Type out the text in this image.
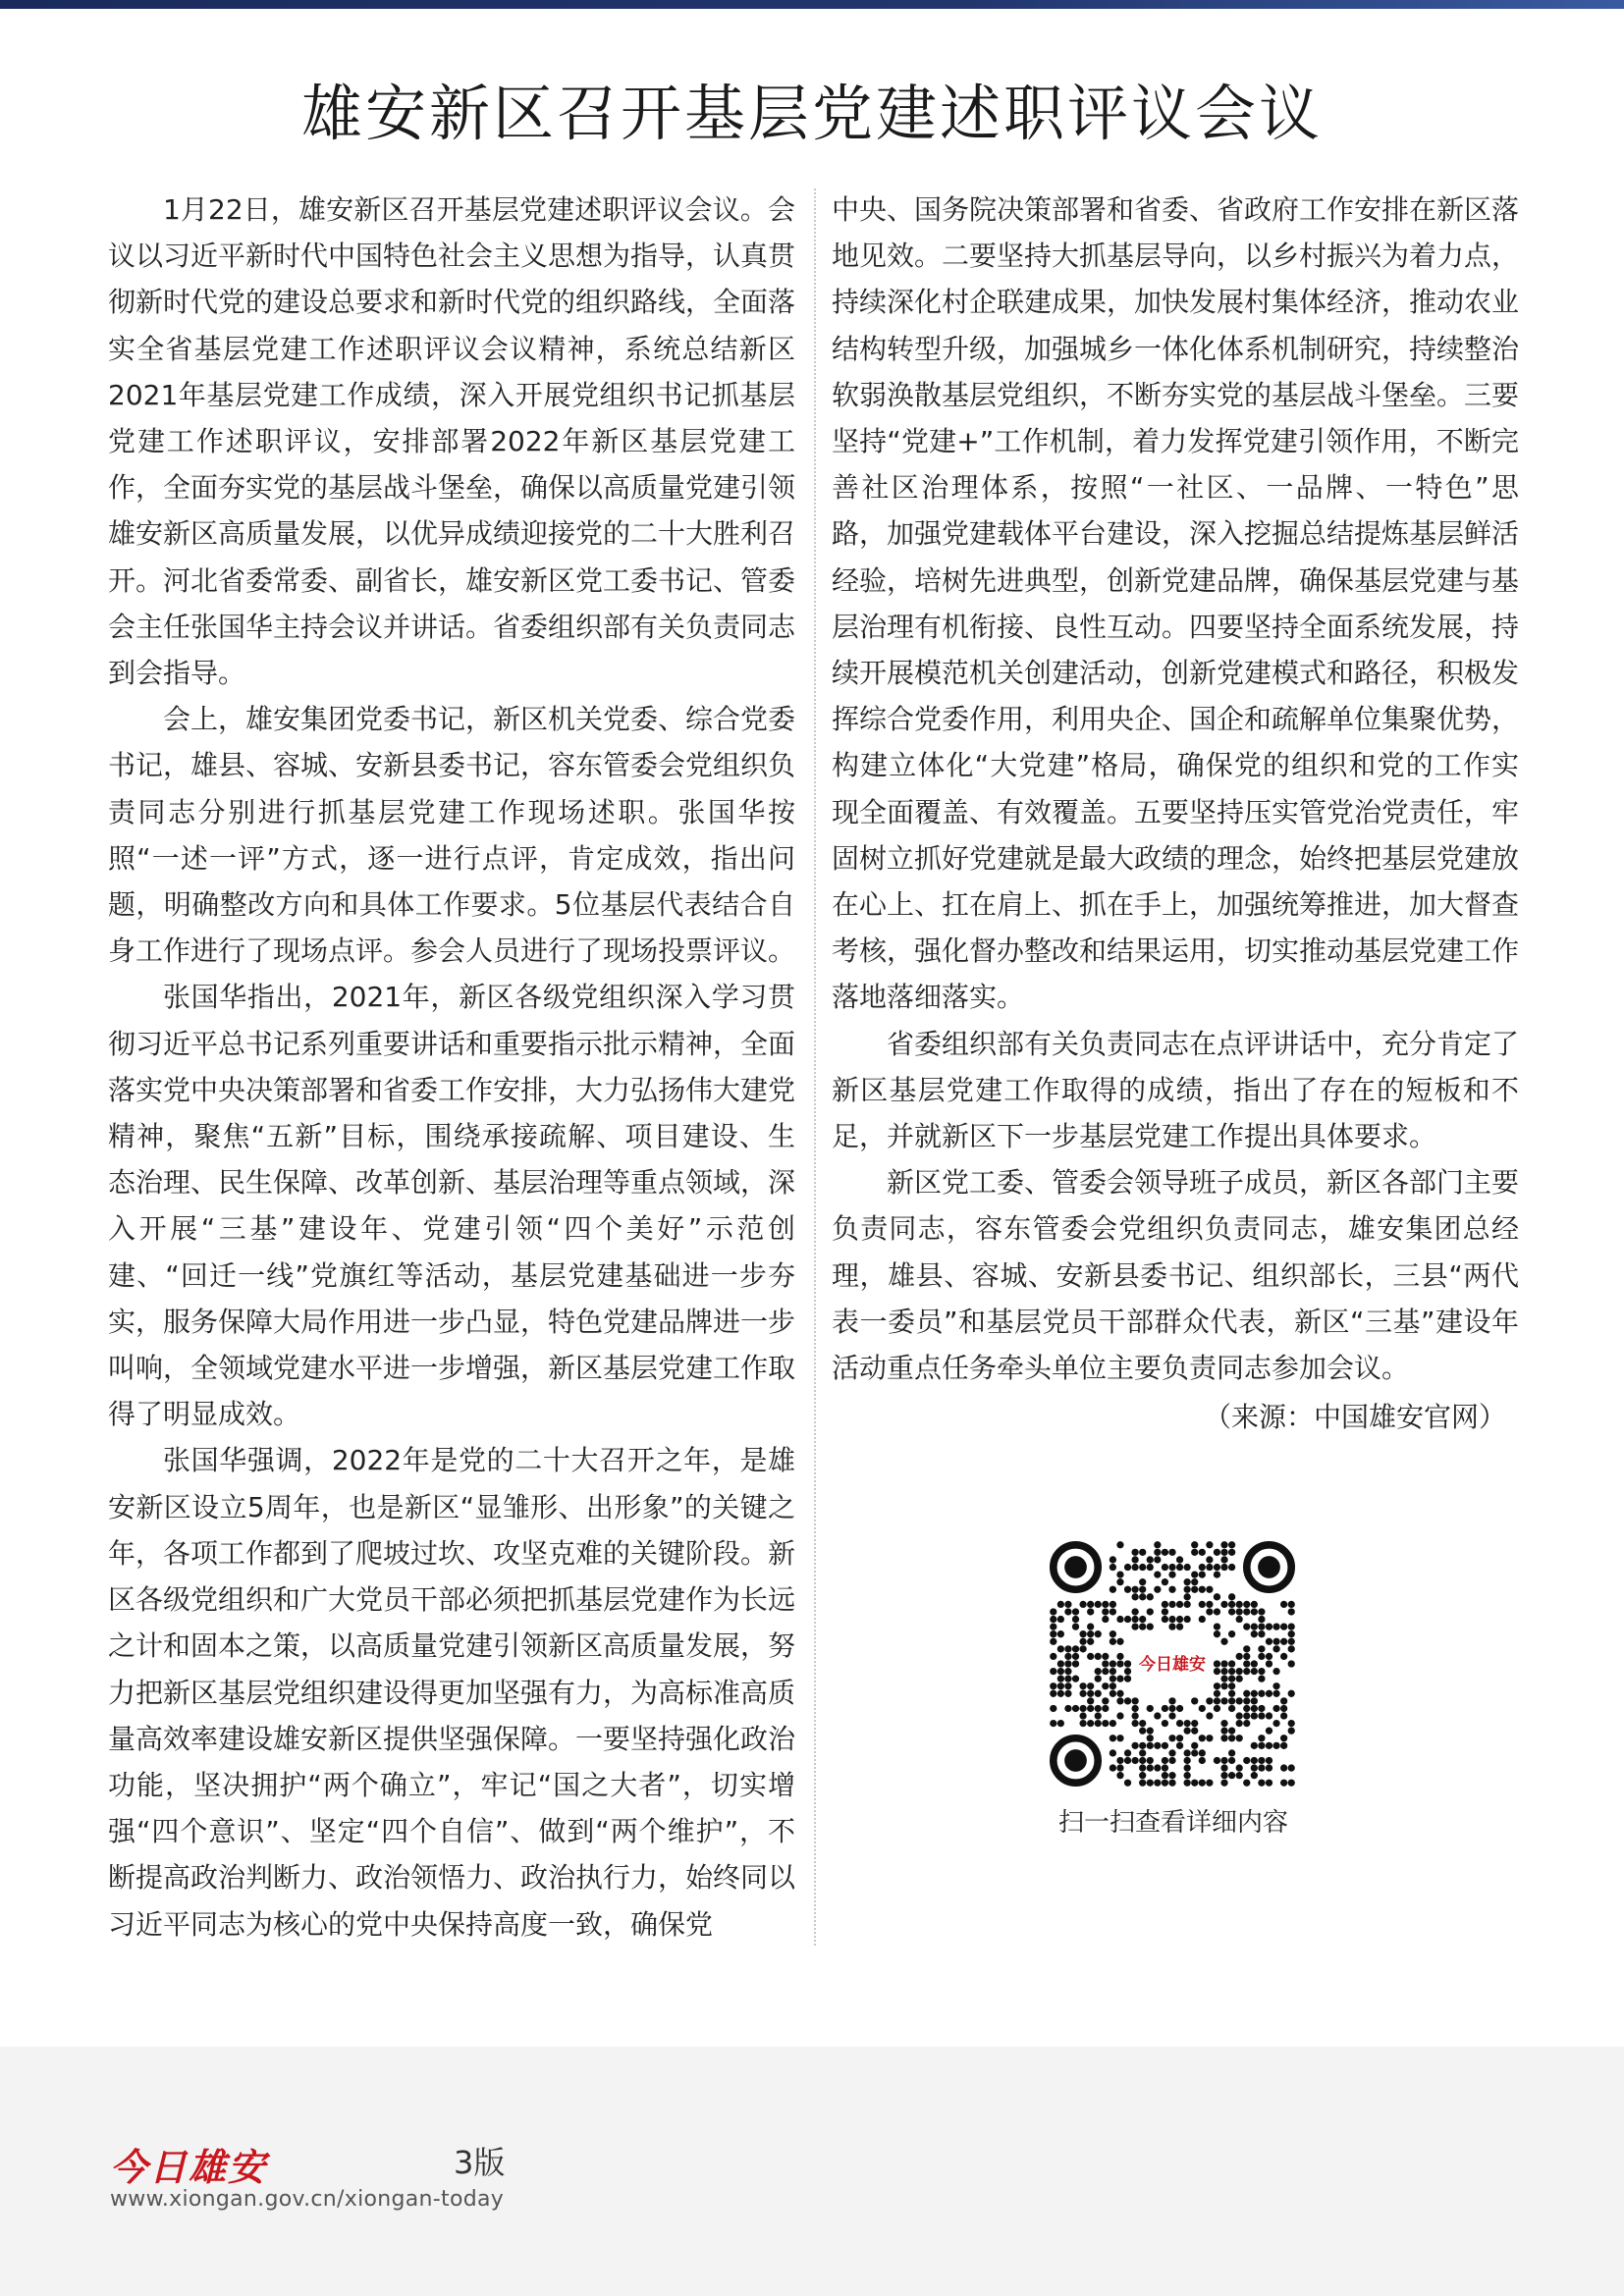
雄安新区召开基层党建述职评议会议

1月22日，雄安新区召开基层党建述职评议会议。会议以习近平新时代中国特色社会主义思想为指导，认真贯彻新时代党的建设总要求和新时代党的组织路线，全面落实全省基层党建工作述职评议会议精神，系统总结新区2021年基层党建工作成绩，深入开展党组织书记抓基层党建工作述职评议，安排部署2022年新区基层党建工作，全面夯实党的基层战斗堡垒，确保以高质量党建引领雄安新区高质量发展，以优异成绩迎接党的二十大胜利召开。河北省委常委、副省长，雄安新区党工委书记、管委会主任张国华主持会议并讲话。省委组织部有关负责同志到会指导。

会上，雄安集团党委书记，新区机关党委、综合党委书记，雄县、容城、安新县委书记，容东管委会党组织负责同志分别进行抓基层党建工作现场述职。张国华按照“一述一评”方式，逐一进行点评，肯定成效，指出问题，明确整改方向和具体工作要求。5位基层代表结合自身工作进行了现场点评。参会人员进行了现场投票评议。

张国华指出，2021年，新区各级党组织深入学习贯彻习近平总书记系列重要讲话和重要指示批示精神，全面落实党中央决策部署和省委工作安排，大力弘扬伟大建党精神，聚焦“五新”目标，围绕承接疏解、项目建设、生态治理、民生保障、改革创新、基层治理等重点领域，深入开展“三基”建设年、党建引领“四个美好”示范创建、“回迁一线”党旗红等活动，基层党建基础进一步夯实，服务保障大局作用进一步凸显，特色党建品牌进一步叫响，全领域党建水平进一步增强，新区基层党建工作取得了明显成效。

张国华强调，2022年是党的二十大召开之年，是雄安新区设立5周年，也是新区“显雏形、出形象”的关键之年，各项工作都到了爬坡过坎、攻坚克难的关键阶段。新区各级党组织和广大党员干部必须把抓基层党建作为长远之计和固本之策，以高质量党建引领新区高质量发展，努力把新区基层党组织建设得更加坚强有力，为高标准高质量高效率建设雄安新区提供坚强保障。一要坚持强化政治功能，坚决拥护“两个确立”，牢记“国之大者”，切实增强“四个意识”、坚定“四个自信”、做到“两个维护”，不断提高政治判断力、政治领悟力、政治执行力，始终同以习近平同志为核心的党中央保持高度一致，确保党

中央、国务院决策部署和省委、省政府工作安排在新区落地见效。二要坚持大抓基层导向，以乡村振兴为着力点，持续深化村企联建成果，加快发展村集体经济，推动农业结构转型升级，加强城乡一体化体系机制研究，持续整治软弱涣散基层党组织，不断夯实党的基层战斗堡垒。三要坚持“党建+”工作机制，着力发挥党建引领作用，不断完善社区治理体系，按照“一社区、一品牌、一特色”思路，加强党建载体平台建设，深入挖掘总结提炼基层鲜活经验，培树先进典型，创新党建品牌，确保基层党建与基层治理有机衔接、良性互动。四要坚持全面系统发展，持续开展模范机关创建活动，创新党建模式和路径，积极发挥综合党委作用，利用央企、国企和疏解单位集聚优势，构建立体化“大党建”格局，确保党的组织和党的工作实现全面覆盖、有效覆盖。五要坚持压实管党治党责任，牢固树立抓好党建就是最大政绩的理念，始终把基层党建放在心上、扛在肩上、抓在手上，加强统筹推进，加大督查考核，强化督办整改和结果运用，切实推动基层党建工作落地落细落实。

省委组织部有关负责同志在点评讲话中，充分肯定了新区基层党建工作取得的成绩，指出了存在的短板和不足，并就新区下一步基层党建工作提出具体要求。

新区党工委、管委会领导班子成员，新区各部门主要负责同志，容东管委会党组织负责同志，雄安集团总经理，雄县、容城、安新县委书记、组织部长，三县“两代表一委员”和基层党员干部群众代表，新区“三基”建设年活动重点任务牵头单位主要负责同志参加会议。

（来源：中国雄安官网）
今日雄安
扫一扫查看详细内容
今日雄安	3版
www.xiongan.gov.cn/xiongan-today
